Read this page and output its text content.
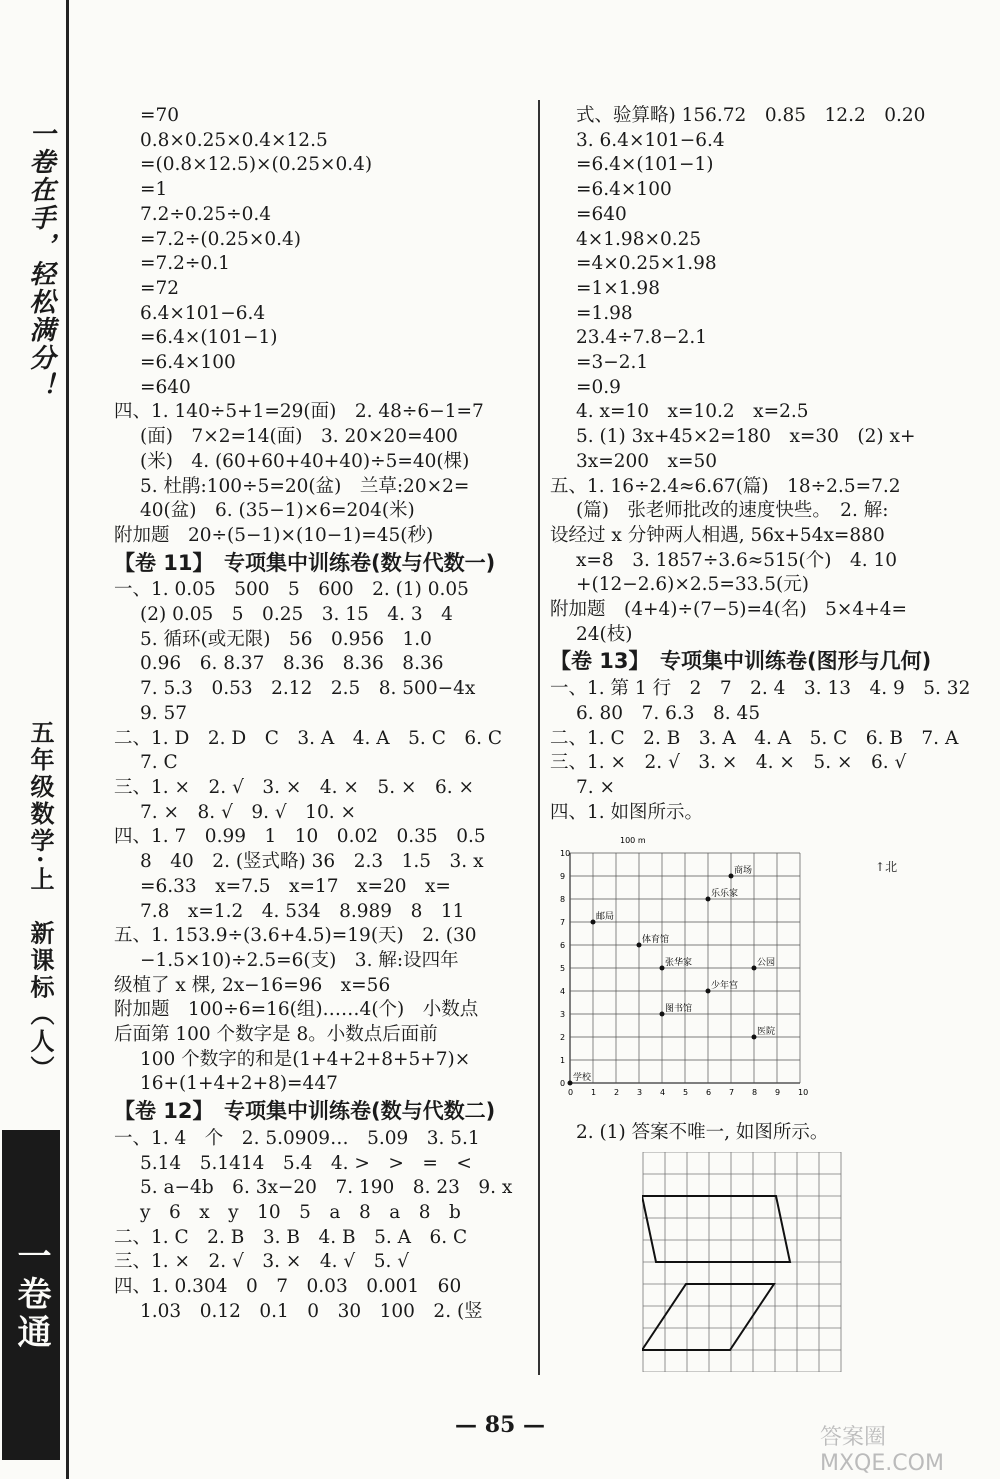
一卷在手，轻松满分！
五年级数学·上　新课标（人）
一卷通
=70
0.8×0.25×0.4×12.5
=(0.8×12.5)×(0.25×0.4)
=1
7.2÷0.25÷0.4
=7.2÷(0.25×0.4)
=7.2÷0.1
=72
6.4×101−6.4
=6.4×(101−1)
=6.4×100
=640
四、1. 140÷5+1=29(面)　2. 48÷6−1=7
(面)　7×2=14(面)　3. 20×20=400
(米)　4. (60+60+40+40)÷5=40(棵)
5. 杜鹃:100÷5=20(盆)　兰草:20×2=
40(盆)　6. (35−1)×6=204(米)
附加题　20÷(5−1)×(10−1)=45(秒)
【卷 11】　专项集中训练卷(数与代数一)
一、1. 0.05　500　5　600　2. (1) 0.05
(2) 0.05　5　0.25　3. 15　4. 3　4
5. 循环(或无限)　56　0.956　1.0
0.96　6. 8.37　8.36　8.36　8.36
7. 5.3　0.53　2.12　2.5　8. 500−4x
9. 57
二、1. D　2. D　C　3. A　4. A　5. C　6. C
7. C
三、1. ×　2. √　3. ×　4. ×　5. ×　6. ×
7. ×　8. √　9. √　10. ×
四、1. 7　0.99　1　10　0.02　0.35　0.5
8　40　2. (竖式略) 36　2.3　1.5　3. x
=6.33　x=7.5　x=17　x=20　x=
7.8　x=1.2　4. 534　8.989　8　11
五、1. 153.9÷(3.6+4.5)=19(天)　2. (30
−1.5×10)÷2.5=6(支)　3. 解:设四年
级植了 x 棵, 2x−16=96　x=56
附加题　100÷6=16(组)……4(个)　小数点
后面第 100 个数字是 8。小数点后面前
100 个数字的和是(1+4+2+8+5+7)×
16+(1+4+2+8)=447
【卷 12】　专项集中训练卷(数与代数二)
一、1. 4　个　2. 5.0909…　5.09　3. 5.1
5.14　5.1414　5.4　4. >　>　=　<
5. a−4b　6. 3x−20　7. 190　8. 23　9. x
y　6　x　y　10　5　a　8　a　8　b
二、1. C　2. B　3. B　4. B　5. A　6. C
三、1. ×　2. √　3. ×　4. √　5. √
四、1. 0.304　0　7　0.03　0.001　60
1.03　0.12　0.1　0　30　100　2. (竖
式、验算略) 156.72　0.85　12.2　0.20
3. 6.4×101−6.4
=6.4×(101−1)
=6.4×100
=640
4×1.98×0.25
=4×0.25×1.98
=1×1.98
=1.98
23.4÷7.8−2.1
=3−2.1
=0.9
4. x=10　x=10.2　x=2.5
5. (1) 3x+45×2=180　x=30　(2) x+
3x=200　x=50
五、1. 16÷2.4≈6.67(篇)　18÷2.5=7.2
(篇)　张老师批改的速度快些。　2. 解:
设经过 x 分钟两人相遇, 56x+54x=880
x=8　3. 1857÷3.6≈515(个)　4. 10
+(12−2.6)×2.5=33.5(元)
附加题　(4+4)÷(7−5)=4(名)　5×4+4=
24(枝)
【卷 13】　专项集中训练卷(图形与几何)
一、1. 第 1 行　2　7　2. 4　3. 13　4. 9　5. 32
6. 80　7. 6.3　8. 45
二、1. C　2. B　3. A　4. A　5. C　6. B　7. A
三、1. ×　2. √　3. ×　4. ×　5. ×　6. √
7. ×
四、1. 如图所示。
100 m
0
1
2
3
4
5
6
7
8
9
10
0 1 2 3 4 5 6 7 8 9 10
学校
邮局
体育馆
乐乐家
商场
张华家	公园
少年宫
图书馆
医院
↑北
2. (1) 答案不唯一, 如图所示。
— 85 —	答案圈 MXQE.COM
